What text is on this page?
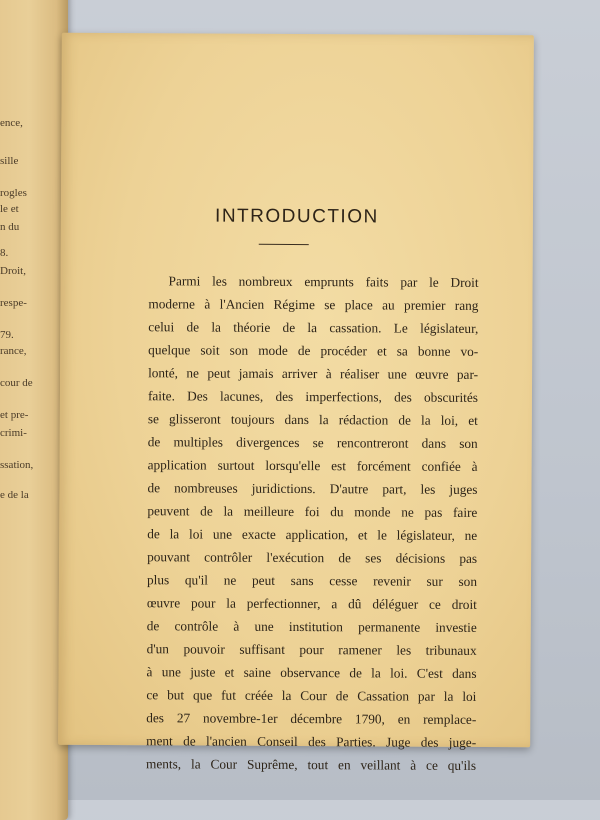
ence,
sille
rogles
le et
n du
8.
Droit,
respe-
79.
rance,
cour de
et pre-
crimi-
ssation,
e de la
INTRODUCTION
Parmi les nombreux emprunts faits par le Droit
moderne à l'Ancien Régime se place au premier rang
celui de la théorie de la cassation. Le législateur,
quelque soit son mode de procéder et sa bonne vo-
lonté, ne peut jamais arriver à réaliser une œuvre par-
faite. Des lacunes, des imperfections, des obscurités
se glisseront toujours dans la rédaction de la loi, et
de multiples divergences se rencontreront dans son
application surtout lorsqu'elle est forcément confiée à
de nombreuses juridictions. D'autre part, les juges
peuvent de la meilleure foi du monde ne pas faire
de la loi une exacte application, et le législateur, ne
pouvant contrôler l'exécution de ses décisions pas
plus qu'il ne peut sans cesse revenir sur son
œuvre pour la perfectionner, a dû déléguer ce droit
de contrôle à une institution permanente investie
d'un pouvoir suffisant pour ramener les tribunaux
à une juste et saine observance de la loi. C'est dans
ce but que fut créée la Cour de Cassation par la loi
des 27 novembre-1er décembre 1790, en remplace-
ment de l'ancien Conseil des Parties. Juge des juge-
ments, la Cour Suprême, tout en veillant à ce qu'ils
